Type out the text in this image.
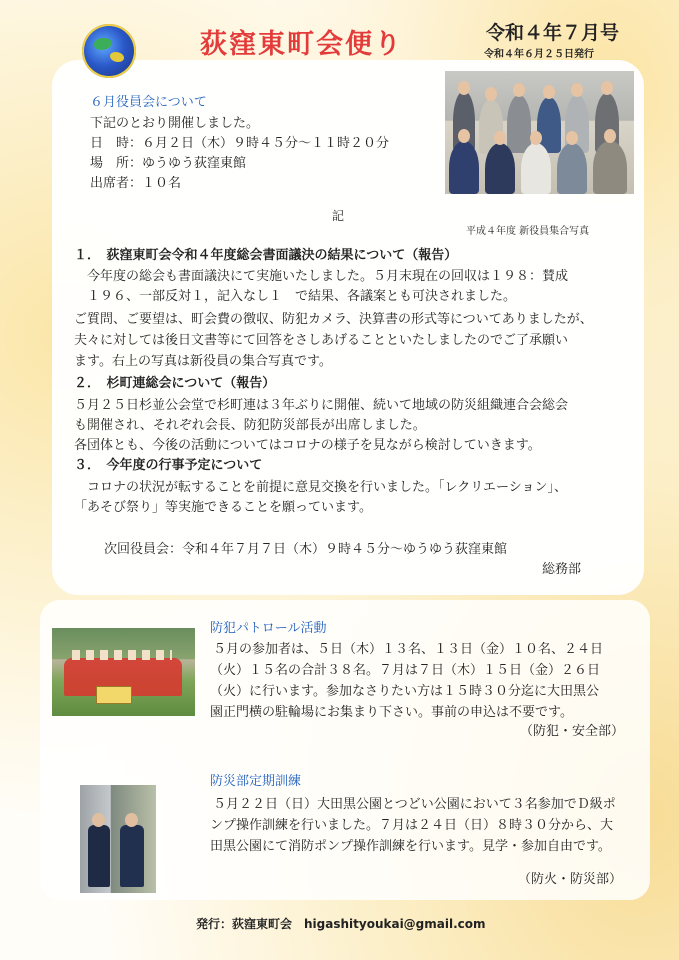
荻窪東町会便り	令和４年７月号
令和４年６月２５日発行
６月役員会について
下記のとおり開催しました。
日　時：６月２日（木）９時４５分～１１時２０分
場　所：ゆうゆう荻窪東館
出席者：１０名
記
平成４年度 新役員集合写真
１．　荻窪東町会令和４年度総会書面議決の結果について（報告）
　今年度の総会も書面議決にて実施いたしました。５月末現在の回収は１９８：賛成
　１９６、一部反対１，記入なし１　で結果、各議案とも可決されました。
ご質問、ご要望は、町会費の徴収、防犯カメラ、決算書の形式等についてありましたが、
夫々に対しては後日文書等にて回答をさしあげることといたしましたのでご了承願い
ます。右上の写真は新役員の集合写真です。
２．　杉町連総会について（報告）
５月２５日杉並公会堂で杉町連は３年ぶりに開催、続いて地域の防災組織連合会総会
も開催され、それぞれ会長、防犯防災部長が出席しました。
各団体とも、今後の活動についてはコロナの様子を見ながら検討していきます。
３．　今年度の行事予定について
　コロナの状況が転することを前提に意見交換を行いました。「レクリエーション」、
「あそび祭り」等実施できることを願っています。
次回役員会：令和４年７月７日（木）９時４５分～ゆうゆう荻窪東館
総務部
防犯パトロール活動
５月の参加者は、５日（木）１３名、１３日（金）１０名、２４日
（火）１５名の合計３８名。７月は７日（木）１５日（金）２６日
（火）に行います。参加なさりたい方は１５時３０分迄に大田黒公
園正門横の駐輪場にお集まり下さい。事前の申込は不要です。
（防犯・安全部）
防災部定期訓練
５月２２日（日）大田黒公園とつどい公園において３名参加でＤ級ポ
ンプ操作訓練を行いました。７月は２４日（日）８時３０分から、大
田黒公園にて消防ポンプ操作訓練を行います。見学・参加自由です。
（防火・防災部）
発行：荻窪東町会　higashityoukai@gmail.com
